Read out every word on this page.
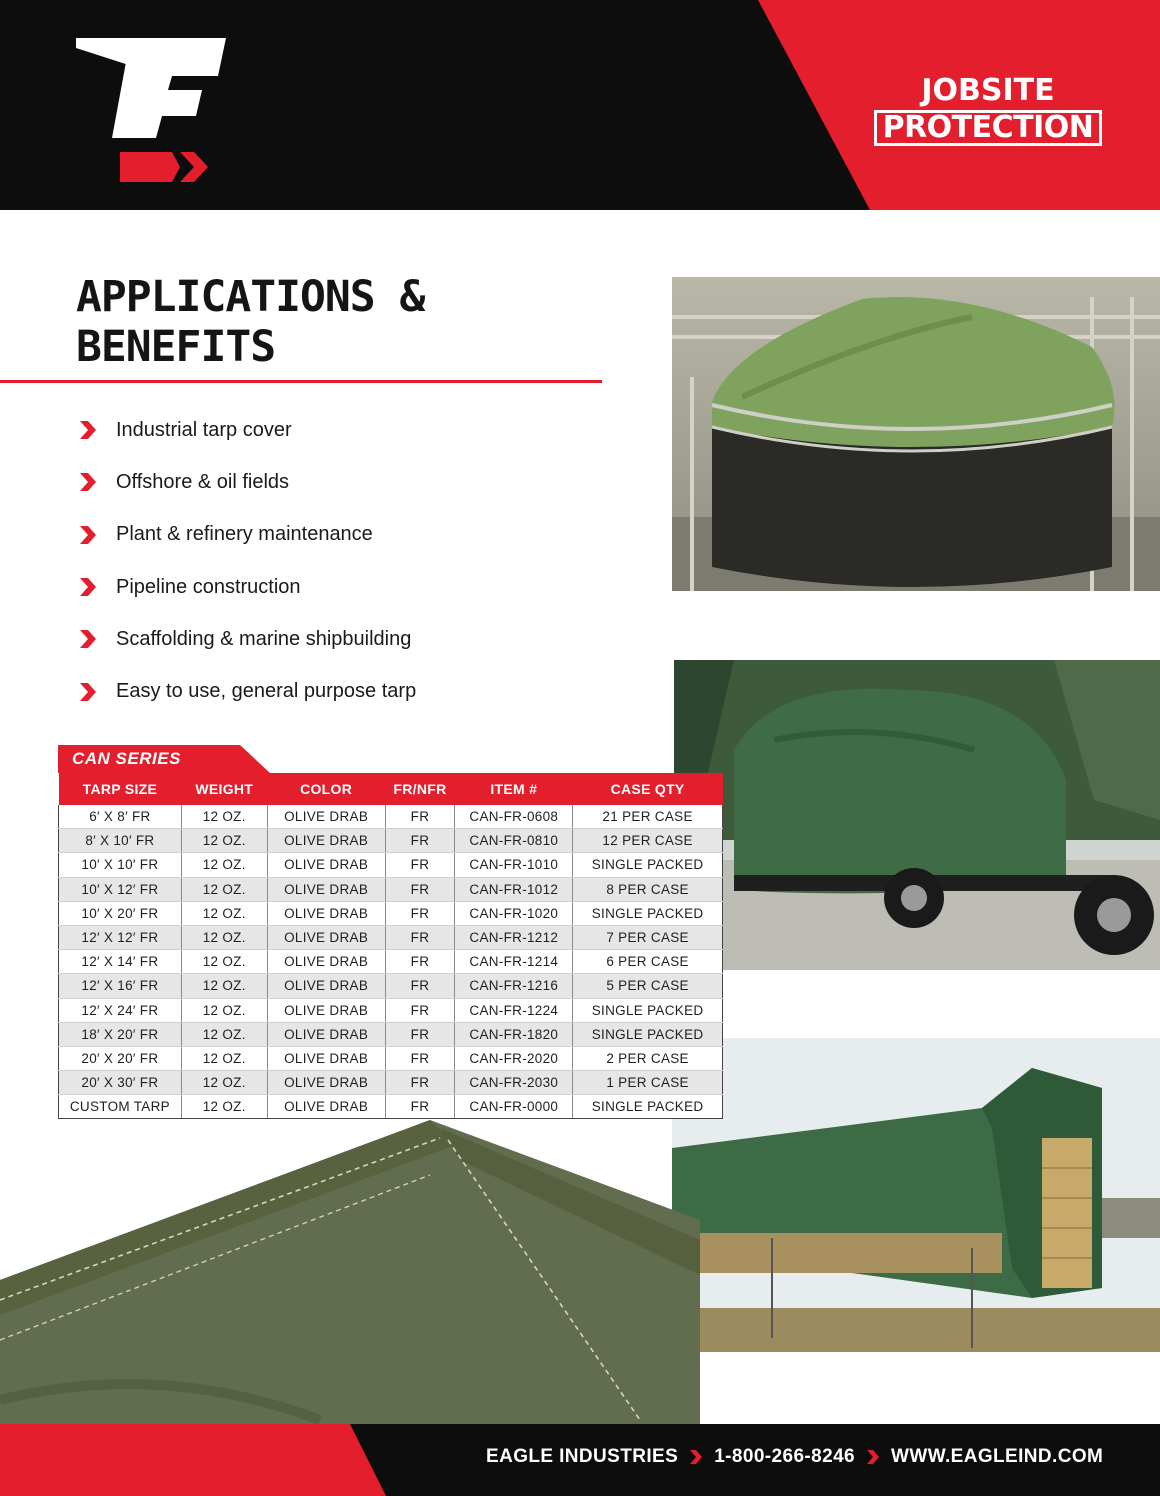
JOBSITE
PROTECTION
APPLICATIONS &
BENEFITS
Industrial tarp cover
Offshore & oil fields
Plant & refinery maintenance
Pipeline construction
Scaffolding & marine shipbuilding
Easy to use, general purpose tarp
CAN SERIES
TARP SIZE	WEIGHT	COLOR	FR/NFR	ITEM #	CASE QTY
6′ X 8′ FR	12 OZ.	OLIVE DRAB	FR	CAN-FR-0608	21 PER CASE
8′ X 10′ FR	12 OZ.	OLIVE DRAB	FR	CAN-FR-0810	12 PER CASE
10′ X 10′ FR	12 OZ.	OLIVE DRAB	FR	CAN-FR-1010	SINGLE PACKED
10′ X 12′ FR	12 OZ.	OLIVE DRAB	FR	CAN-FR-1012	8 PER CASE
10′ X 20′ FR	12 OZ.	OLIVE DRAB	FR	CAN-FR-1020	SINGLE PACKED
12′ X 12′ FR	12 OZ.	OLIVE DRAB	FR	CAN-FR-1212	7 PER CASE
12′ X 14′ FR	12 OZ.	OLIVE DRAB	FR	CAN-FR-1214	6 PER CASE
12′ X 16′ FR	12 OZ.	OLIVE DRAB	FR	CAN-FR-1216	5 PER CASE
12′ X 24′ FR	12 OZ.	OLIVE DRAB	FR	CAN-FR-1224	SINGLE PACKED
18′ X 20′ FR	12 OZ.	OLIVE DRAB	FR	CAN-FR-1820	SINGLE PACKED
20′ X 20′ FR	12 OZ.	OLIVE DRAB	FR	CAN-FR-2020	2 PER CASE
20′ X 30′ FR	12 OZ.	OLIVE DRAB	FR	CAN-FR-2030	1 PER CASE
CUSTOM TARP	12 OZ.	OLIVE DRAB	FR	CAN-FR-0000	SINGLE PACKED
EAGLE INDUSTRIES 1-800-266-8246 WWW.EAGLEIND.COM
